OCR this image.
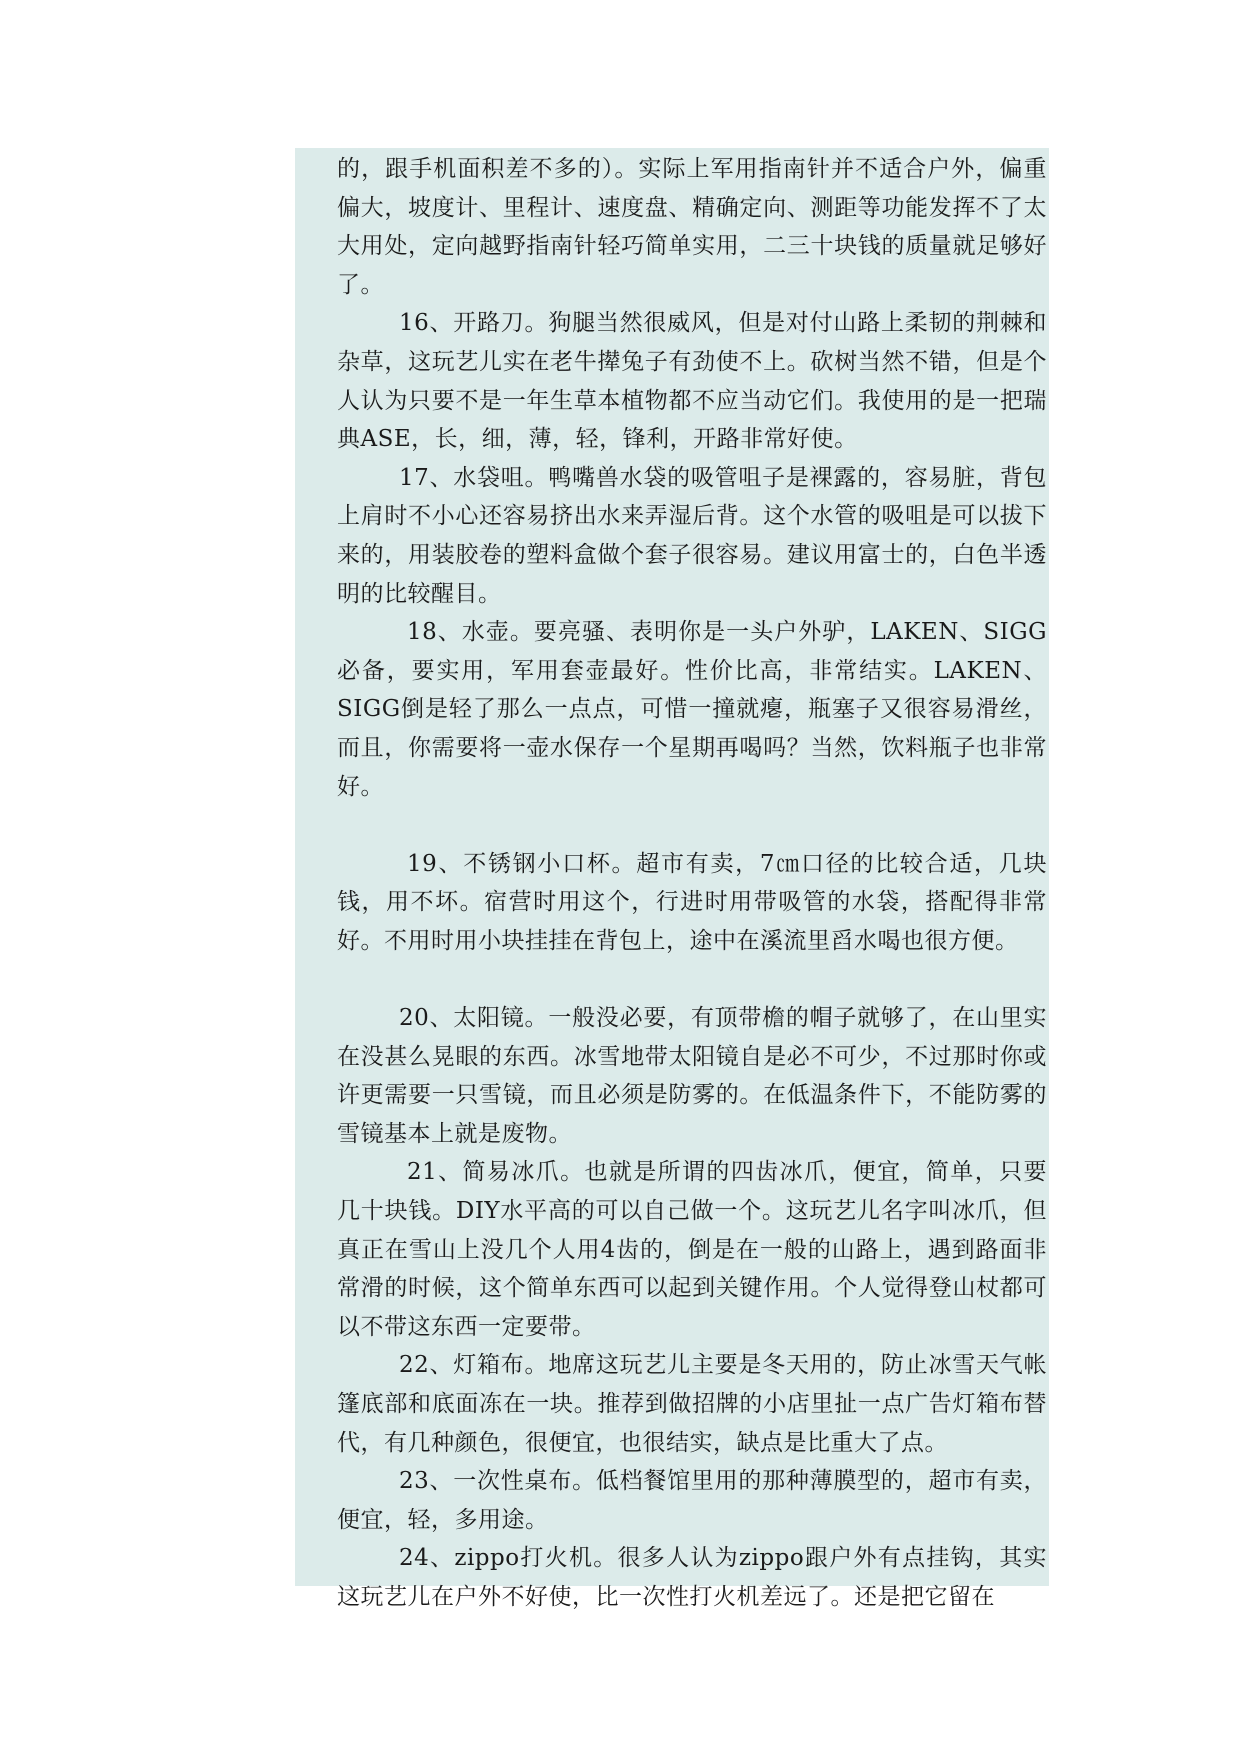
的，跟手机面积差不多的）。实际上军用指南针并不适合户外，偏重偏大，坡度计、里程计、速度盘、精确定向、测距等功能发挥不了太大用处，定向越野指南针轻巧简单实用，二三十块钱的质量就足够好了。

16、开路刀。狗腿当然很威风，但是对付山路上柔韧的荆棘和杂草，这玩艺儿实在老牛撵兔子有劲使不上。砍树当然不错，但是个人认为只要不是一年生草本植物都不应当动它们。我使用的是一把瑞典ASE，长，细，薄，轻，锋利，开路非常好使。

17、水袋咀。鸭嘴兽水袋的吸管咀子是裸露的，容易脏，背包上肩时不小心还容易挤出水来弄湿后背。这个水管的吸咀是可以拔下来的，用装胶卷的塑料盒做个套子很容易。建议用富士的，白色半透明的比较醒目。

18、水壶。要亮骚、表明你是一头户外驴，LAKEN、SIGG必备，要实用，军用套壶最好。性价比高，非常结实。LAKEN、SIGG倒是轻了那么一点点，可惜一撞就瘪，瓶塞子又很容易滑丝，而且，你需要将一壶水保存一个星期再喝吗？当然，饮料瓶子也非常好。

19、不锈钢小口杯。超市有卖，7㎝口径的比较合适，几块钱，用不坏。宿营时用这个，行进时用带吸管的水袋，搭配得非常好。不用时用小块挂挂在背包上，途中在溪流里舀水喝也很方便。

20、太阳镜。一般没必要，有顶带檐的帽子就够了，在山里实在没甚么晃眼的东西。冰雪地带太阳镜自是必不可少，不过那时你或许更需要一只雪镜，而且必须是防雾的。在低温条件下，不能防雾的雪镜基本上就是废物。

21、简易冰爪。也就是所谓的四齿冰爪，便宜，简单，只要几十块钱。DIY水平高的可以自己做一个。这玩艺儿名字叫冰爪，但真正在雪山上没几个人用4齿的，倒是在一般的山路上，遇到路面非常滑的时候，这个简单东西可以起到关键作用。个人觉得登山杖都可以不带这东西一定要带。

22、灯箱布。地席这玩艺儿主要是冬天用的，防止冰雪天气帐篷底部和底面冻在一块。推荐到做招牌的小店里扯一点广告灯箱布替代，有几种颜色，很便宜，也很结实，缺点是比重大了点。

23、一次性桌布。低档餐馆里用的那种薄膜型的，超市有卖，便宜，轻，多用途。

24、zippo打火机。很多人认为zippo跟户外有点挂钩，其实这玩艺儿在户外不好使，比一次性打火机差远了。还是把它留在
